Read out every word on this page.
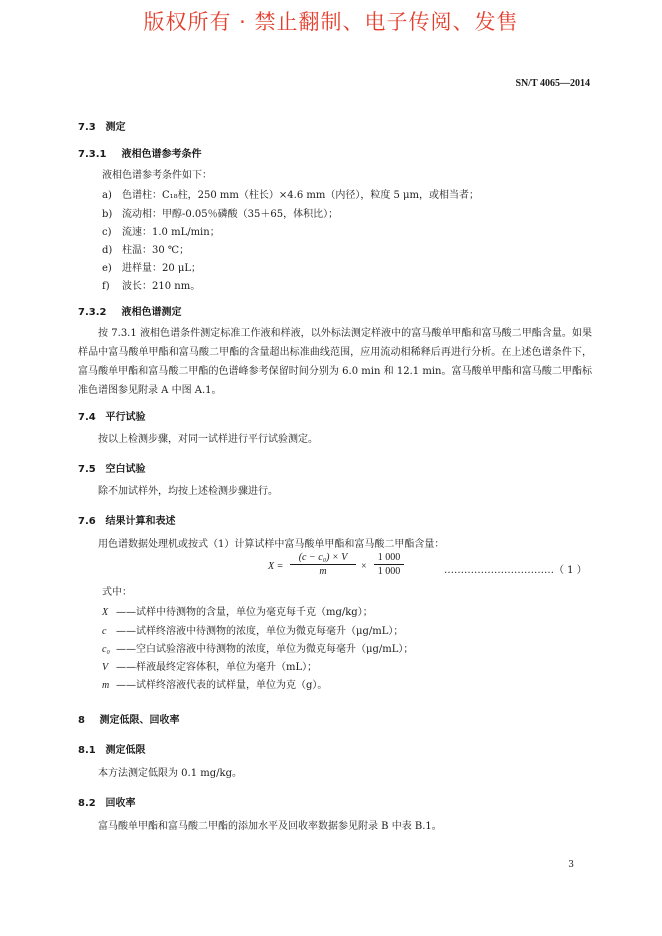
版权所有 · 禁止翻制、电子传阅、发售
SN/T 4065—2014
7.3 测定
7.3.1 液相色谱参考条件
液相色谱参考条件如下：
a) 色谱柱：C₁₈柱，250 mm（柱长）×4.6 mm（内径），粒度 5 μm，或相当者；
b) 流动相：甲醇-0.05％磷酸（35＋65，体积比）；
c) 流速：1.0 mL/min；
d) 柱温：30 ℃；
e) 进样量：20 μL；
f) 波长：210 nm。
7.3.2 液相色谱测定
按 7.3.1 液相色谱条件测定标准工作液和样液，以外标法测定样液中的富马酸单甲酯和富马酸二甲酯含量。如果样品中富马酸单甲酯和富马酸二甲酯的含量超出标准曲线范围，应用流动相稀释后再进行分析。在上述色谱条件下，富马酸单甲酯和富马酸二甲酯的色谱峰参考保留时间分别为 6.0 min 和 12.1 min。富马酸单甲酯和富马酸二甲酯标准色谱图参见附录 A 中图 A.1。
7.4 平行试验
按以上检测步骤，对同一试样进行平行试验测定。
7.5 空白试验
除不加试样外，均按上述检测步骤进行。
7.6 结果计算和表述
用色谱数据处理机或按式（1）计算试样中富马酸单甲酯和富马酸二甲酯含量：
X =
(c − c₀) × V
m	×
1 000
1 000	……………………………（ 1 ）
式中：
X ——试样中待测物的含量，单位为毫克每千克（mg/kg）；
c ——试样终溶液中待测物的浓度，单位为微克每毫升（μg/mL）；
c₀ ——空白试验溶液中待测物的浓度，单位为微克每毫升（μg/mL）；
V ——样液最终定容体积，单位为毫升（mL）；
m ——试样终溶液代表的试样量，单位为克（g）。
8 测定低限、回收率
8.1 测定低限
本方法测定低限为 0.1 mg/kg。
8.2 回收率
富马酸单甲酯和富马酸二甲酯的添加水平及回收率数据参见附录 B 中表 B.1。
3
